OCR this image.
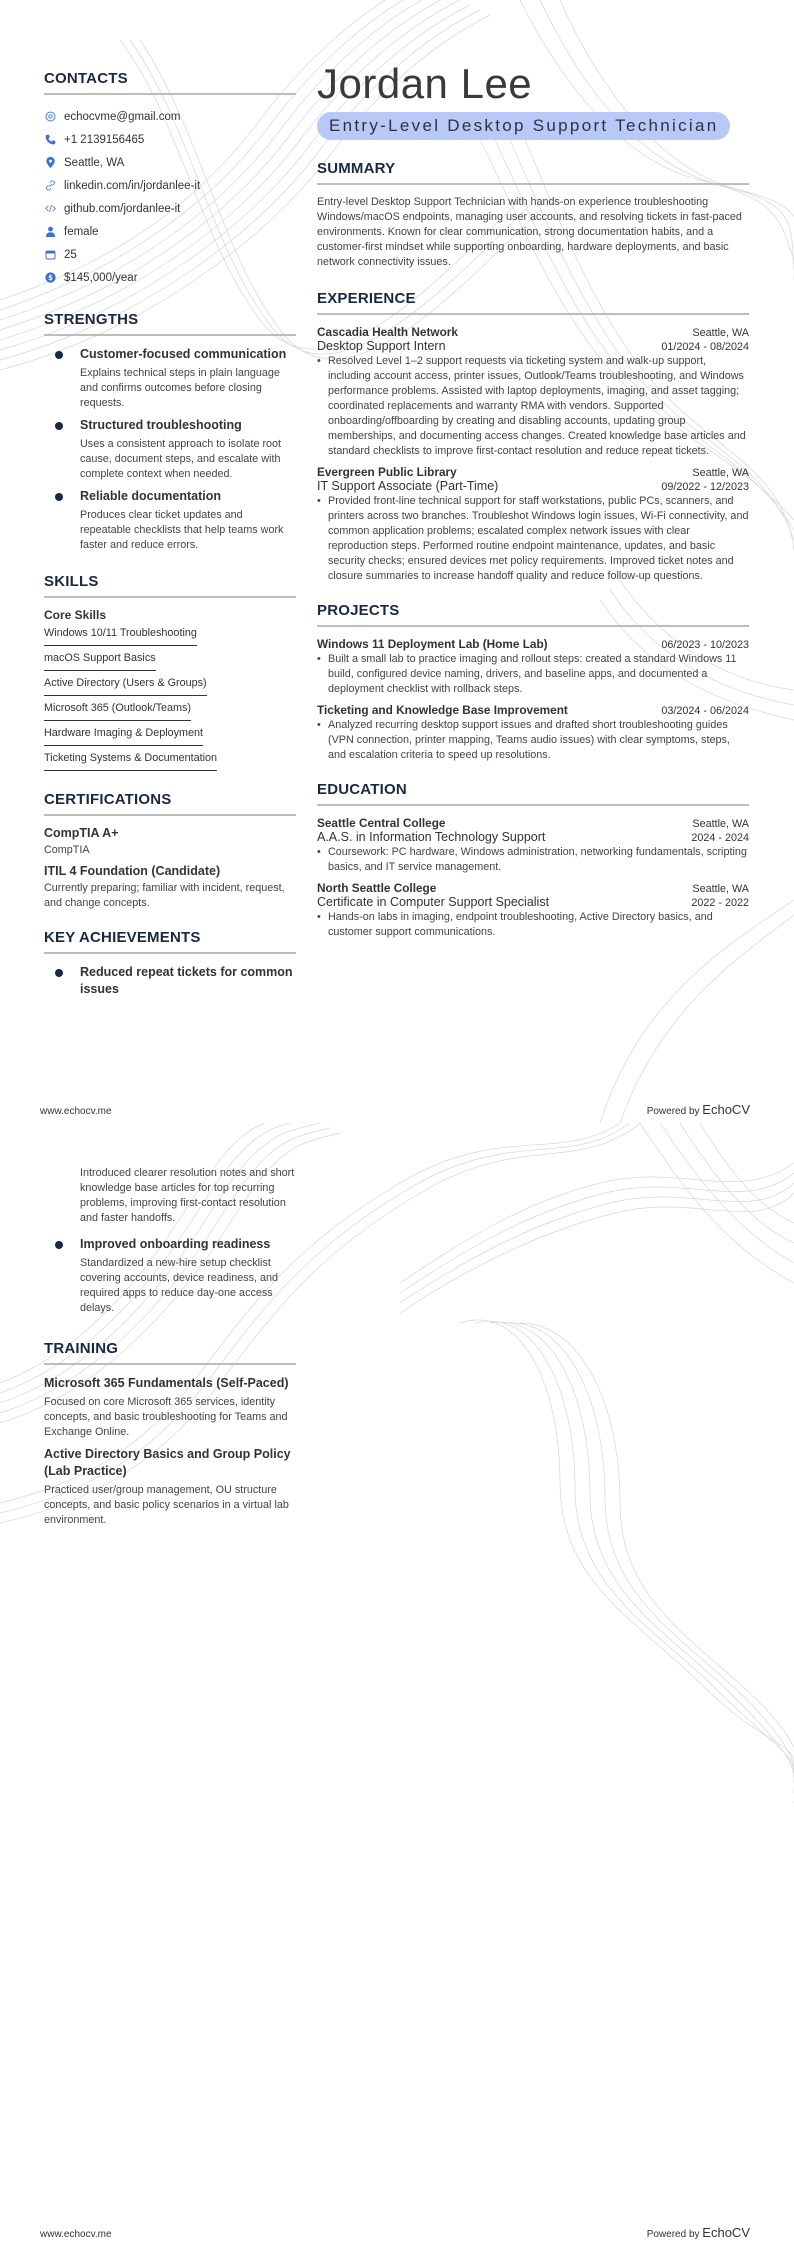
CONTACTS
echocvme@gmail.com
+1 2139156465
Seattle, WA
linkedin.com/in/jordanlee-it
github.com/jordanlee-it
female
25
$ $145,000/year
STRENGTHS
Customer-focused communication
Explains technical steps in plain language and confirms outcomes before closing requests.
Structured troubleshooting
Uses a consistent approach to isolate root cause, document steps, and escalate with complete context when needed.
Reliable documentation
Produces clear ticket updates and repeatable checklists that help teams work faster and reduce errors.
SKILLS
Core Skills
Windows 10/11 Troubleshooting
macOS Support Basics
Active Directory (Users & Groups)
Microsoft 365 (Outlook/Teams)
Hardware Imaging & Deployment
Ticketing Systems & Documentation
CERTIFICATIONS
CompTIA A+
CompTIA
ITIL 4 Foundation (Candidate)
Currently preparing; familiar with incident, request, and change concepts.
KEY ACHIEVEMENTS
Reduced repeat tickets for common issues
Jordan Lee
Entry-Level Desktop Support Technician
SUMMARY
Entry-level Desktop Support Technician with hands-on experience troubleshooting Windows/macOS endpoints, managing user accounts, and resolving tickets in fast-paced environments. Known for clear communication, strong documentation habits, and a customer-first mindset while supporting onboarding, hardware deployments, and basic network connectivity issues.
EXPERIENCE
Cascadia Health Network	Seattle, WA
Desktop Support Intern	01/2024 - 08/2024
• Resolved Level 1–2 support requests via ticketing system and walk-up support, including account access, printer issues, Outlook/Teams troubleshooting, and Windows performance problems. Assisted with laptop deployments, imaging, and asset tagging; coordinated replacements and warranty RMA with vendors. Supported onboarding/offboarding by creating and disabling accounts, updating group memberships, and documenting access changes. Created knowledge base articles and standard checklists to improve first-contact resolution and reduce repeat tickets.
Evergreen Public Library	Seattle, WA
IT Support Associate (Part-Time)	09/2022 - 12/2023
• Provided front-line technical support for staff workstations, public PCs, scanners, and printers across two branches. Troubleshot Windows login issues, Wi-Fi connectivity, and common application problems; escalated complex network issues with clear reproduction steps. Performed routine endpoint maintenance, updates, and basic security checks; ensured devices met policy requirements. Improved ticket notes and closure summaries to increase handoff quality and reduce follow-up questions.
PROJECTS
Windows 11 Deployment Lab (Home Lab)	06/2023 - 10/2023
• Built a small lab to practice imaging and rollout steps: created a standard Windows 11 build, configured device naming, drivers, and baseline apps, and documented a deployment checklist with rollback steps.
Ticketing and Knowledge Base Improvement	03/2024 - 06/2024
• Analyzed recurring desktop support issues and drafted short troubleshooting guides (VPN connection, printer mapping, Teams audio issues) with clear symptoms, steps, and escalation criteria to speed up resolutions.
EDUCATION
Seattle Central College	Seattle, WA
A.A.S. in Information Technology Support	2024 - 2024
• Coursework: PC hardware, Windows administration, networking fundamentals, scripting basics, and IT service management.
North Seattle College	Seattle, WA
Certificate in Computer Support Specialist	2022 - 2022
• Hands-on labs in imaging, endpoint troubleshooting, Active Directory basics, and customer support communications.
www.echocv.me	Powered by EchoCV
Introduced clearer resolution notes and short knowledge base articles for top recurring problems, improving first-contact resolution and faster handoffs.
Improved onboarding readiness
Standardized a new-hire setup checklist covering accounts, device readiness, and required apps to reduce day-one access delays.
TRAINING
Microsoft 365 Fundamentals (Self-Paced)
Focused on core Microsoft 365 services, identity concepts, and basic troubleshooting for Teams and Exchange Online.
Active Directory Basics and Group Policy (Lab Practice)
Practiced user/group management, OU structure concepts, and basic policy scenarios in a virtual lab environment.
www.echocv.me	Powered by EchoCV
